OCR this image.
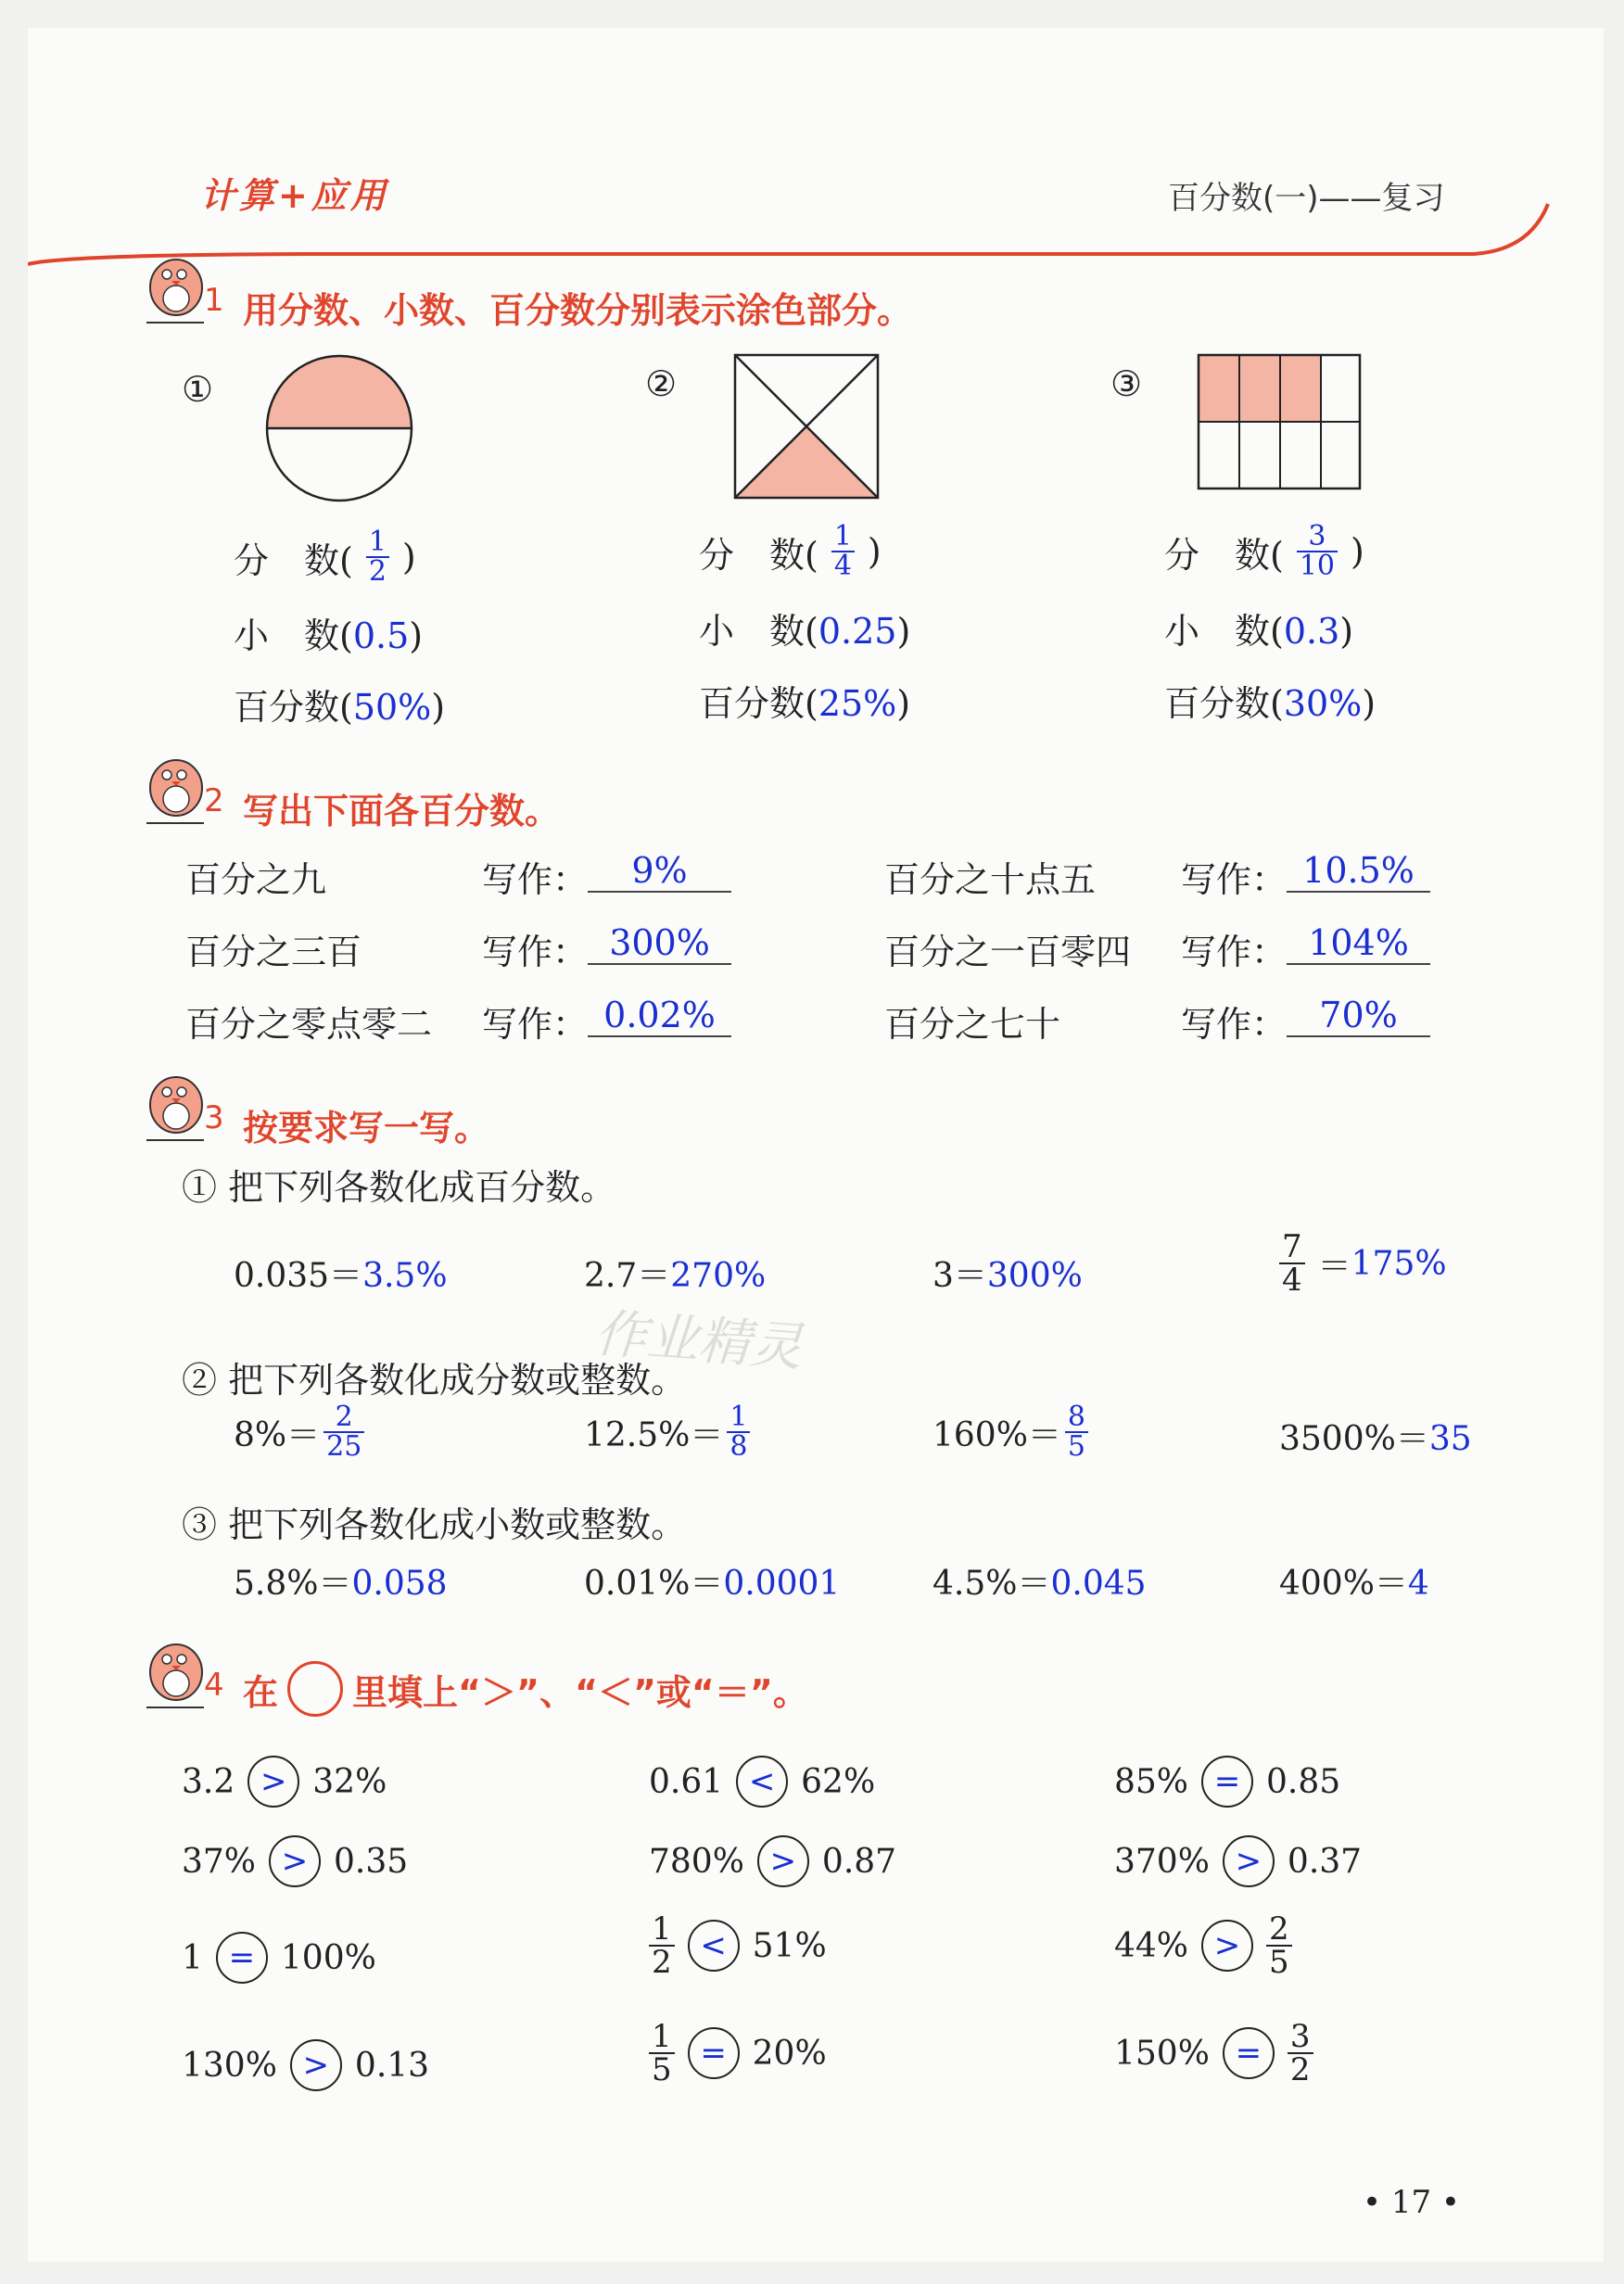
计算+应用	百分数(一)——复习
1 用分数、小数、百分数分别表示涂色部分。
①	②	③
分　数( $\frac{1}{2}$ )
小　数(0.5)
百分数(50%)
分　数( $\frac{1}{4}$ )
小　数(0.25)
百分数(25%)
分　数( $\frac{3}{10}$ )
小　数(0.3)
百分数(30%)
2 写出下面各百分数。
百分之九	写作： 9%	百分之十点五 写作： 10.5%
百分之三百	写作： 300%	百分之一百零四 写作： 104%
百分之零点零二 写作： 0.02%	百分之七十	写作： 70%
3 按要求写一写。
① 把下列各数化成百分数。
0.035＝3.5%	2.7＝270%	3＝300%	$\frac{7}{4} = 175\%$
② 把下列各数化成分数或整数。
$8\%= \frac{2}{25}$	$12.5\%= \frac{1}{8}$	$160\%= \frac{8}{5}$	3500%＝35
③ 把下列各数化成小数或整数。
5.8%＝0.058	0.01%＝0.0001	4.5%＝0.045	400%＝4
4 在 里填上“＞”、“＜”或“＝”。
3.2 > 32%	0.61 < 62%	85% = 0.85
37% > 0.35	780% > 0.87	370% > 0.37
1 = 100%	$\frac{1}{2} < 51\%$	$44\% > \frac{2}{5}$
130% > 0.13	$\frac{1}{5} = 20\%$	$150\% = \frac{3}{2}$
作业精灵
• 17 •
